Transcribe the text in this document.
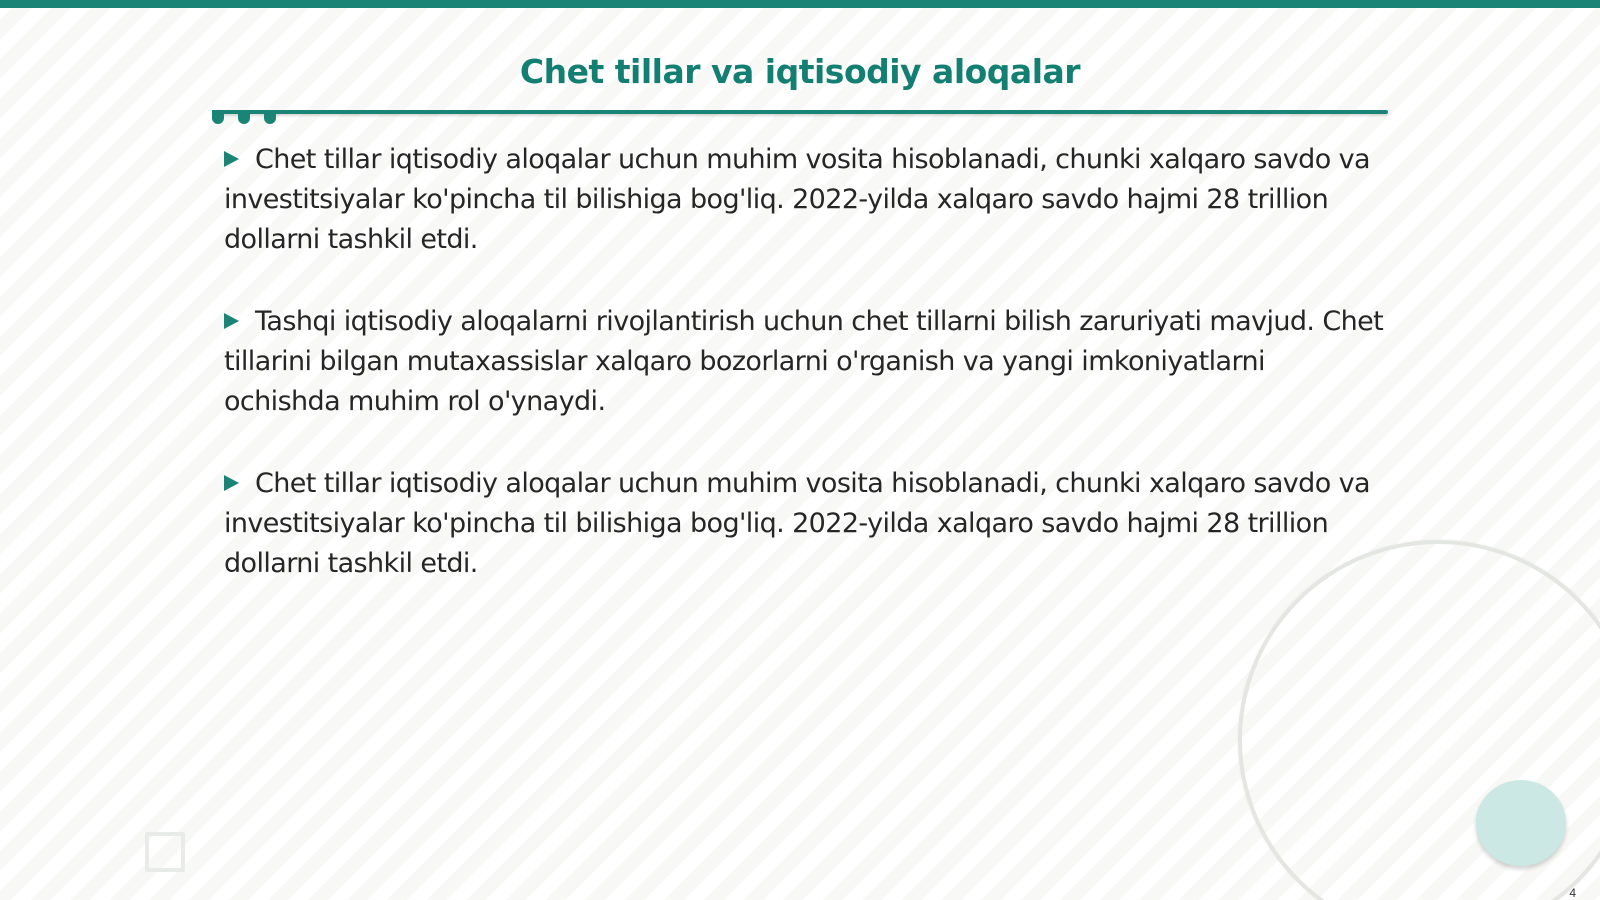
Chet tillar va iqtisodiy aloqalar
Chet tillar iqtisodiy aloqalar uchun muhim vosita hisoblanadi, chunki xalqaro savdo va investitsiyalar ko'pincha til bilishiga bog'liq. 2022-yilda xalqaro savdo hajmi 28 trillion dollarni tashkil etdi.
Tashqi iqtisodiy aloqalarni rivojlantirish uchun chet tillarni bilish zaruriyati mavjud. Chet tillarini bilgan mutaxassislar xalqaro bozorlarni o'rganish va yangi imkoniyatlarni ochishda muhim rol o'ynaydi.
Chet tillar iqtisodiy aloqalar uchun muhim vosita hisoblanadi, chunki xalqaro savdo va investitsiyalar ko'pincha til bilishiga bog'liq. 2022-yilda xalqaro savdo hajmi 28 trillion dollarni tashkil etdi.
4
